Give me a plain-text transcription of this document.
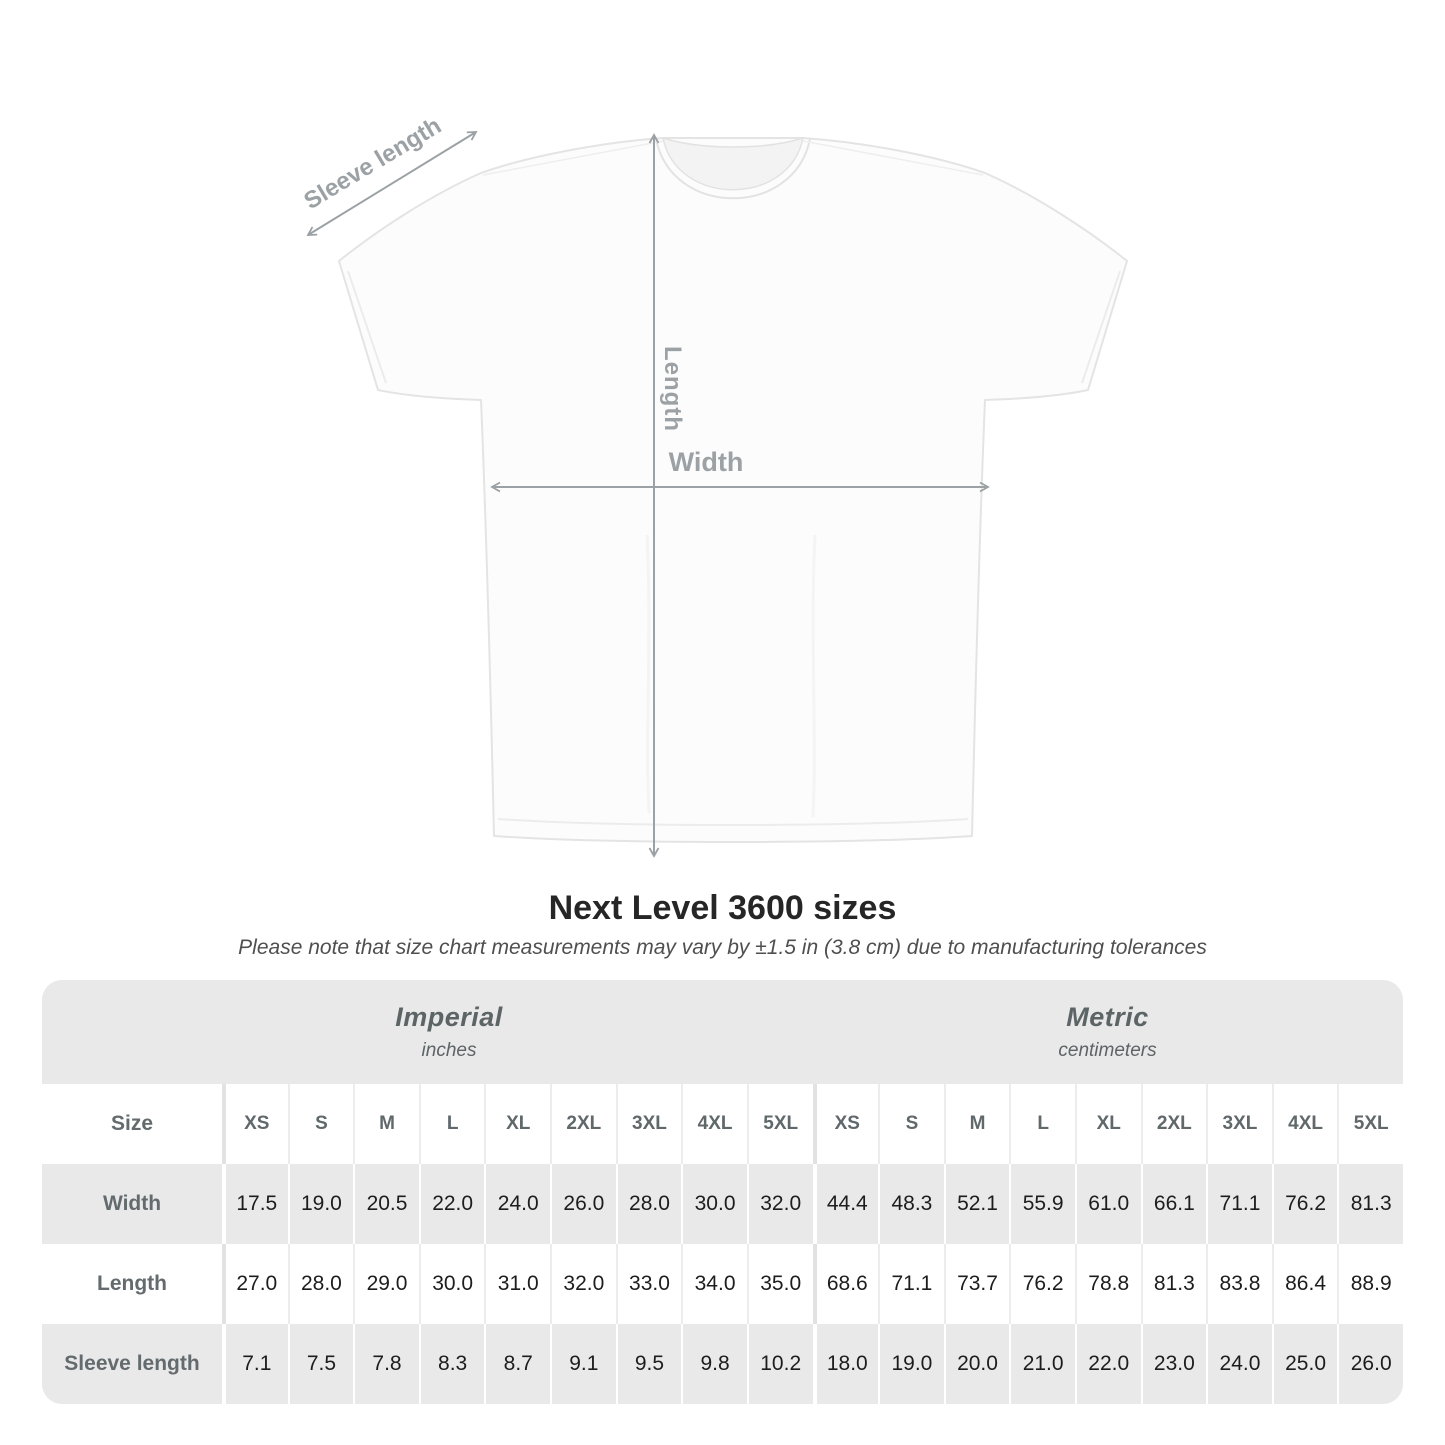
Sleeve length
Length
Width
Next Level 3600 sizes
Please note that size chart measurements may vary by ±1.5 in (3.8 cm) due to manufacturing tolerances
Imperial
inches
Metric
centimeters
Size	XS	S	M	L	XL	2XL	3XL	4XL	5XL	XS	S	M	L	XL	2XL	3XL	4XL	5XL
Width	17.5	19.0	20.5	22.0	24.0	26.0	28.0	30.0	32.0	44.4	48.3	52.1	55.9	61.0	66.1	71.1	76.2	81.3
Length	27.0	28.0	29.0	30.0	31.0	32.0	33.0	34.0	35.0	68.6	71.1	73.7	76.2	78.8	81.3	83.8	86.4	88.9
Sleeve length	7.1	7.5	7.8	8.3	8.7	9.1	9.5	9.8	10.2	18.0	19.0	20.0	21.0	22.0	23.0	24.0	25.0	26.0
